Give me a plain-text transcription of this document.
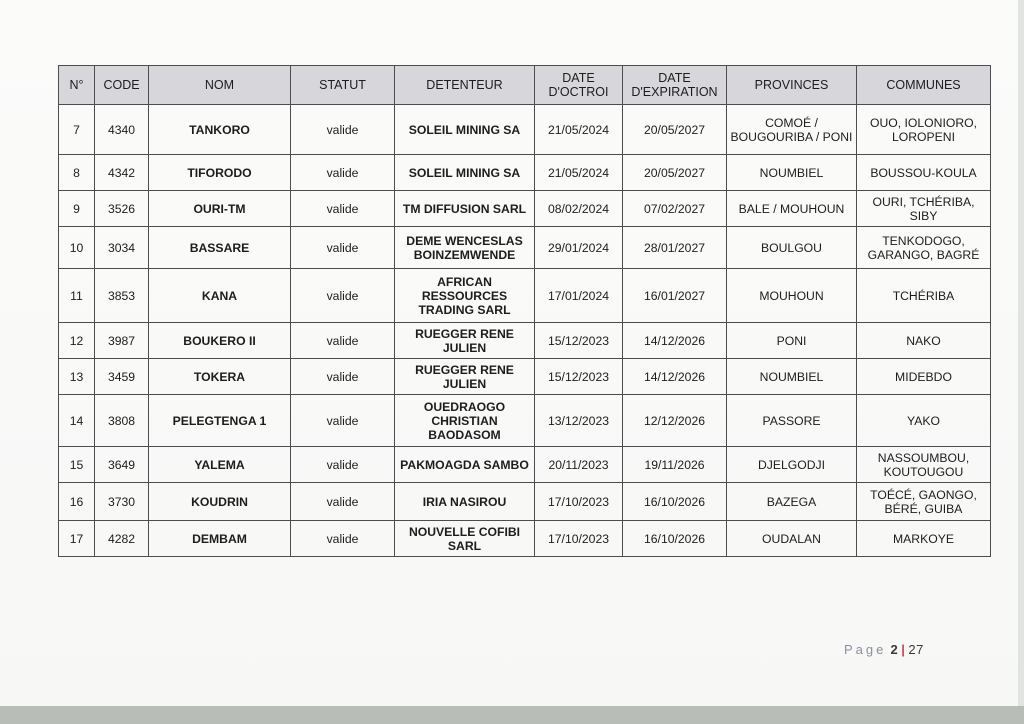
N°	CODE	NOM	STATUT	DETENTEUR	DATE D'OCTROI	DATE D'EXPIRATION	PROVINCES	COMMUNES
7	4340	TANKORO	valide	SOLEIL MINING SA	21/05/2024	20/05/2027	COMOÉ / BOUGOURIBA / PONI	OUO, IOLONIORO, LOROPENI
8	4342	TIFORODO	valide	SOLEIL MINING SA	21/05/2024	20/05/2027	NOUMBIEL	BOUSSOU-KOULA
9	3526	OURI-TM	valide	TM DIFFUSION SARL	08/02/2024	07/02/2027	BALE / MOUHOUN	OURI, TCHÉRIBA, SIBY
10	3034	BASSARE	valide	DEME WENCESLAS BOINZEMWENDE	29/01/2024	28/01/2027	BOULGOU	TENKODOGO, GARANGO, BAGRÉ
11	3853	KANA	valide	AFRICAN RESSOURCES TRADING SARL	17/01/2024	16/01/2027	MOUHOUN	TCHÉRIBA
12	3987	BOUKERO II	valide	RUEGGER RENE JULIEN	15/12/2023	14/12/2026	PONI	NAKO
13	3459	TOKERA	valide	RUEGGER RENE JULIEN	15/12/2023	14/12/2026	NOUMBIEL	MIDEBDO
14	3808	PELEGTENGA 1	valide	OUEDRAOGO CHRISTIAN BAODASOM	13/12/2023	12/12/2026	PASSORE	YAKO
15	3649	YALEMA	valide	PAKMOAGDA SAMBO	20/11/2023	19/11/2026	DJELGODJI	NASSOUMBOU, KOUTOUGOU
16	3730	KOUDRIN	valide	IRIA NASIROU	17/10/2023	16/10/2026	BAZEGA	TOÉCÉ, GAONGO, BÉRÉ, GUIBA
17	4282	DEMBAM	valide	NOUVELLE COFIBI SARL	17/10/2023	16/10/2026	OUDALAN	MARKOYE
Page 2 | 27
